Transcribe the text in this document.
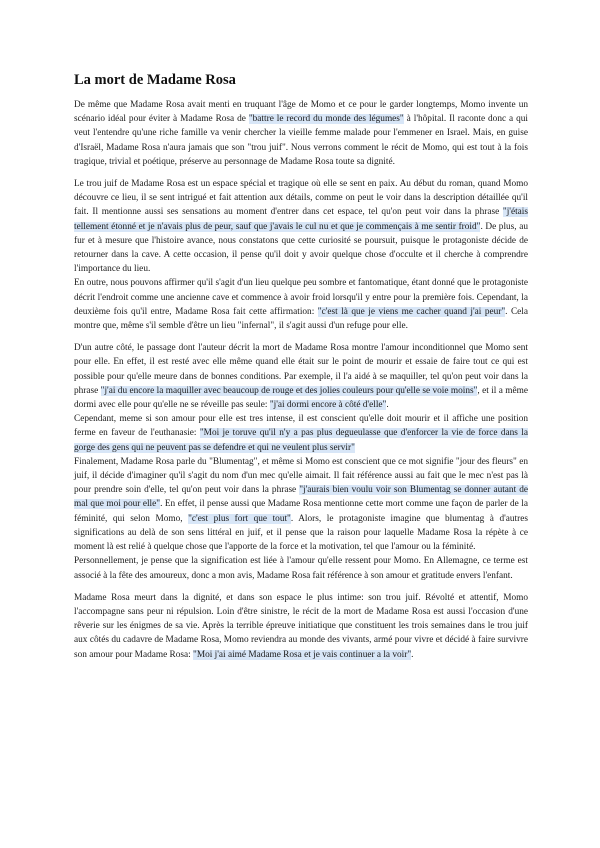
La mort de Madame Rosa

De même que Madame Rosa avait menti en truquant l'âge de Momo et ce pour le garder longtemps, Momo invente un scénario idéal pour éviter à Madame Rosa de "battre le record du monde des légumes" à l'hôpital. Il raconte donc a qui veut l'entendre qu'une riche famille va venir chercher la vieille femme malade pour l'emmener en Israel. Mais, en guise d'Israël, Madame Rosa n'aura jamais que son "trou juif". Nous verrons comment le récit de Momo, qui est tout à la fois tragique, trivial et poétique, préserve au personnage de Madame Rosa toute sa dignité.

Le trou juif de Madame Rosa est un espace spécial et tragique où elle se sent en paix. Au début du roman, quand Momo découvre ce lieu, il se sent intrigué et fait attention aux détails, comme on peut le voir dans la description détaillée qu'il fait. Il mentionne aussi ses sensations au moment d'entrer dans cet espace, tel qu'on peut voir dans la phrase "j'étais tellement étonné et je n'avais plus de peur, sauf que j'avais le cul nu et que je commençais à me sentir froid". De plus, au fur et à mesure que l'histoire avance, nous constatons que cette curiosité se poursuit, puisque le protagoniste décide de retourner dans la cave. A cette occasion, il pense qu'il doit y avoir quelque chose d'occulte et il cherche à comprendre l'importance du lieu.

En outre, nous pouvons affirmer qu'il s'agit d'un lieu quelque peu sombre et fantomatique, étant donné que le protagoniste décrit l'endroit comme une ancienne cave et commence à avoir froid lorsqu'il y entre pour la première fois. Cependant, la deuxième fois qu'il entre, Madame Rosa fait cette affirmation: "c'est là que je viens me cacher quand j'ai peur". Cela montre que, même s'il semble d'être un lieu "infernal", il s'agit aussi d'un refuge pour elle.

D'un autre côté, le passage dont l'auteur décrit la mort de Madame Rosa montre l'amour inconditionnel que Momo sent pour elle. En effet, il est resté avec elle même quand elle était sur le point de mourir et essaie de faire tout ce qui est possible pour qu'elle meure dans de bonnes conditions. Par exemple, il l'a aidé à se maquiller, tel qu'on peut voir dans la phrase "j'ai du encore la maquiller avec beaucoup de rouge et des jolies couleurs pour qu'elle se voie moins", et il a même dormi avec elle pour qu'elle ne se réveille pas seule: "j'ai dormi encore à côté d'elle".

Cependant, meme si son amour pour elle est tres intense, il est conscient qu'elle doit mourir et il affiche une position ferme en faveur de l'euthanasie: "Moi je toruve qu'il n'y a pas plus degueulasse que d'enforcer la vie de force dans la gorge des gens qui ne peuvent pas se defendre et qui ne veulent plus servir"

Finalement, Madame Rosa parle du "Blumentag", et même si Momo est conscient que ce mot signifie "jour des fleurs" en juif, il décide d'imaginer qu'il s'agit du nom d'un mec qu'elle aimait. Il fait référence aussi au fait que le mec n'est pas là pour prendre soin d'elle, tel qu'on peut voir dans la phrase "j'aurais bien voulu voir son Blumentag se donner autant de mal que moi pour elle". En effet, il pense aussi que Madame Rosa mentionne cette mort comme une façon de parler de la féminité, qui selon Momo, "c'est plus fort que tout". Alors, le protagoniste imagine que blumentag à d'autres significations au delà de son sens littéral en juif, et il pense que la raison pour laquelle Madame Rosa la répète à ce moment là est relié à quelque chose que l'apporte de la force et la motivation, tel que l'amour ou la féminité.

Personnellement, je pense que la signification est liée à l'amour qu'elle ressent pour Momo. En Allemagne, ce terme est associé à la fête des amoureux, donc a mon avis, Madame Rosa fait référence à son amour et gratitude envers l'enfant.

Madame Rosa meurt dans la dignité, et dans son espace le plus intime: son trou juif. Révolté et attentif, Momo l'accompagne sans peur ni répulsion. Loin d'être sinistre, le récit de la mort de Madame Rosa est aussi l'occasion d'une rêverie sur les énigmes de sa vie. Après la terrible épreuve initiatique que constituent les trois semaines dans le trou juif aux côtés du cadavre de Madame Rosa, Momo reviendra au monde des vivants, armé pour vivre et décidé à faire survivre son amour pour Madame Rosa: "Moi j'ai aimé Madame Rosa et je vais continuer a la voir".
